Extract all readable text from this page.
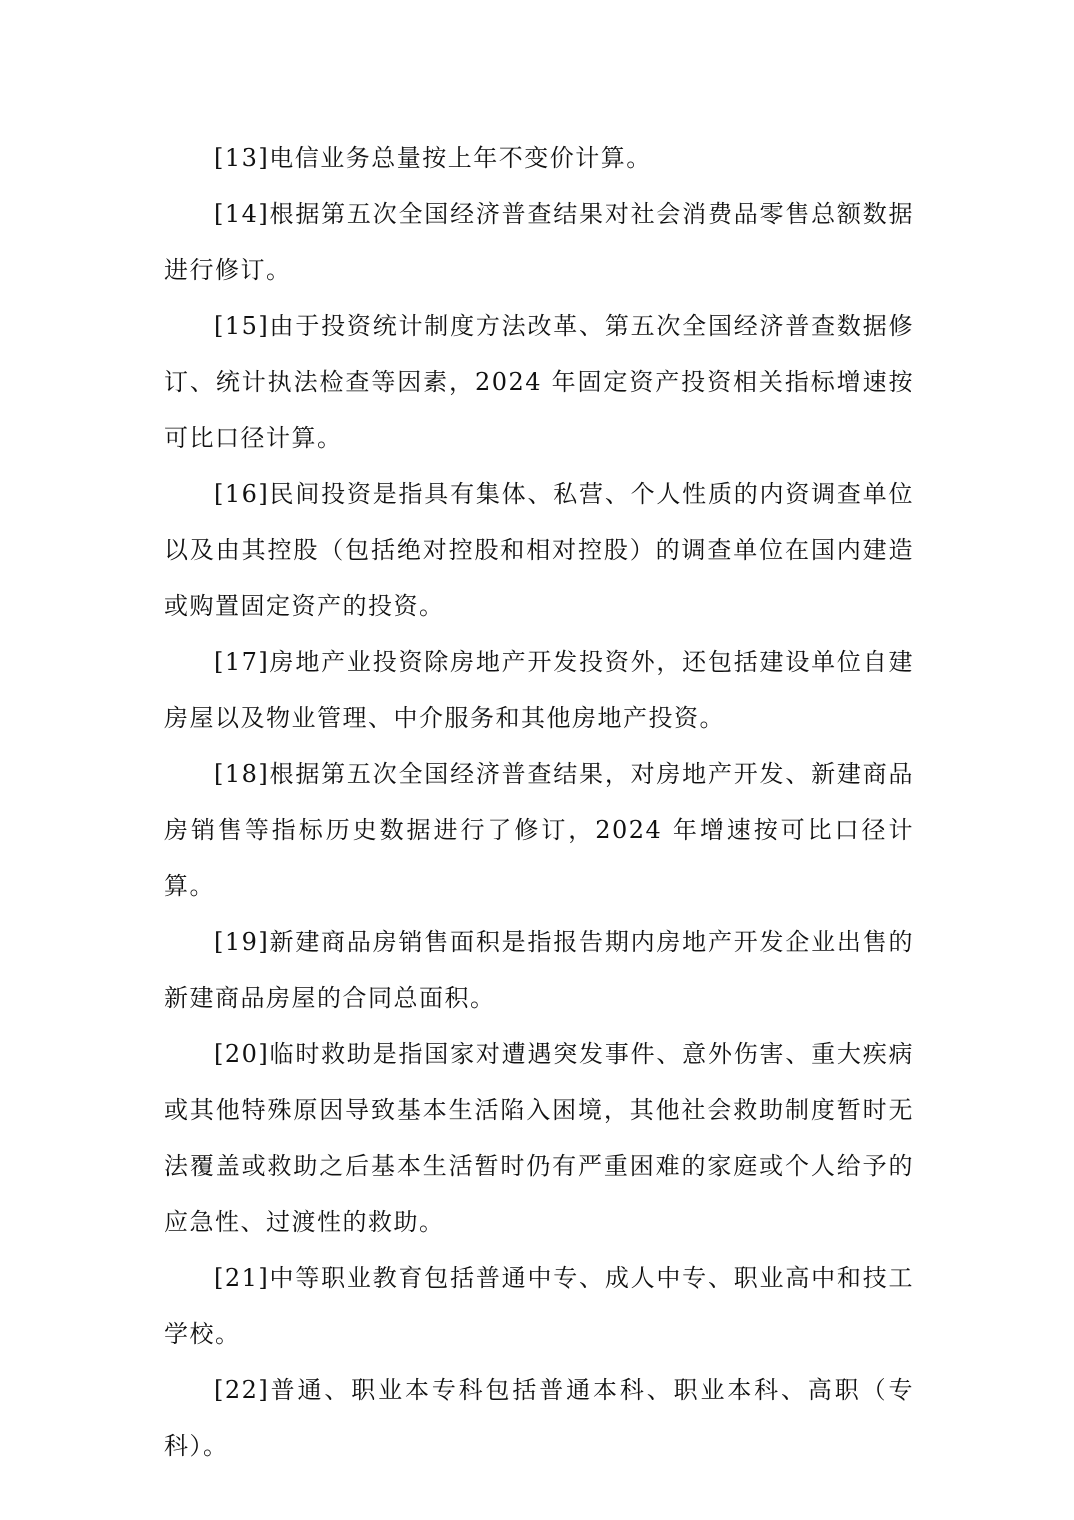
[13]电信业务总量按上年不变价计算。

[14]根据第五次全国经济普查结果对社会消费品零售总额数据进行修订。

[15]由于投资统计制度方法改革、第五次全国经济普查数据修订、统计执法检查等因素，2024 年固定资产投资相关指标增速按可比口径计算。

[16]民间投资是指具有集体、私营、个人性质的内资调查单位以及由其控股（包括绝对控股和相对控股）的调查单位在国内建造或购置固定资产的投资。

[17]房地产业投资除房地产开发投资外，还包括建设单位自建房屋以及物业管理、中介服务和其他房地产投资。

[18]根据第五次全国经济普查结果，对房地产开发、新建商品房销售等指标历史数据进行了修订，2024 年增速按可比口径计算。

[19]新建商品房销售面积是指报告期内房地产开发企业出售的新建商品房屋的合同总面积。

[20]临时救助是指国家对遭遇突发事件、意外伤害、重大疾病或其他特殊原因导致基本生活陷入困境，其他社会救助制度暂时无法覆盖或救助之后基本生活暂时仍有严重困难的家庭或个人给予的应急性、过渡性的救助。

[21]中等职业教育包括普通中专、成人中专、职业高中和技工学校。

[22]普通、职业本专科包括普通本科、职业本科、高职（专科）。
